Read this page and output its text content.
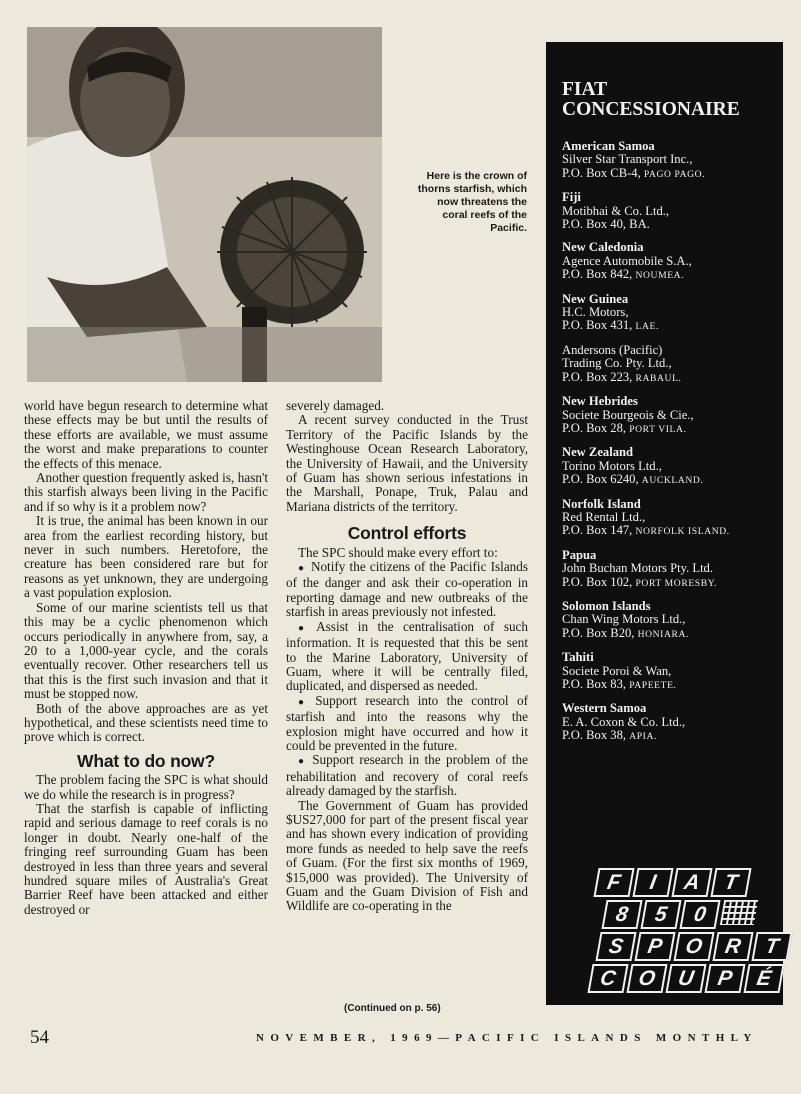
Here is the crown of

thorns starfish, which

now threatens the

coral reefs of the

Pacific.

world have begun research to determine what these effects may be but until the results of these efforts are available, we must assume the worst and make preparations to counter the effects of this menace.

Another question frequently asked is, hasn't this starfish always been living in the Pacific and if so why is it a problem now?

It is true, the animal has been known in our area from the earliest recording history, but never in such numbers. Heretofore, the creature has been considered rare but for reasons as yet unknown, they are undergoing a vast population explosion.

Some of our marine scientists tell us that this may be a cyclic phenomenon which occurs periodically in anywhere from, say, a 20 to a 1,000-year cycle, and the corals eventually recover. Other researchers tell us that this is the first such invasion and that it must be stopped now.

Both of the above approaches are as yet hypothetical, and these scientists need time to prove which is correct.

What to do now?

The problem facing the SPC is what should we do while the research is in progress?

That the starfish is capable of inflicting rapid and serious damage to reef corals is no longer in doubt. Nearly one-half of the fringing reef surrounding Guam has been destroyed in less than three years and several hundred square miles of Australia's Great Barrier Reef have been attacked and either destroyed or

severely damaged.

A recent survey conducted in the Trust Territory of the Pacific Islands by the Westinghouse Ocean Research Laboratory, the University of Hawaii, and the University of Guam has shown serious infestations in the Marshall, Ponape, Truk, Palau and Mariana districts of the territory.

Control efforts

The SPC should make every effort to:

● Notify the citizens of the Pacific Islands of the danger and ask their co-operation in reporting damage and new outbreaks of the starfish in areas previously not infested.

● Assist in the centralisation of such information. It is requested that this be sent to the Marine Laboratory, University of Guam, where it will be centrally filed, duplicated, and dispersed as needed.

● Support research into the control of starfish and into the reasons why the explosion might have occurred and how it could be prevented in the future.

● Support research in the problem of the rehabilitation and recovery of coral reefs already damaged by the starfish.

The Government of Guam has provided $US27,000 for part of the present fiscal year and has shown every indication of providing more funds as needed to help save the reefs of Guam. (For the first six months of 1969, $15,000 was provided). The University of Guam and the Guam Division of Fish and Wildlife are co-operating in the

(Continued on p. 56)
FIAT
CONCESSIONAIRE
American Samoa
Silver Star Transport Inc.,
P.O. Box CB-4, PAGO PAGO.
Fiji
Motibhai & Co. Ltd.,
P.O. Box 40, BA.
New Caledonia
Agence Automobile S.A.,
P.O. Box 842, NOUMEA.
New Guinea
H.C. Motors,
P.O. Box 431, LAE.
Andersons (Pacific)
Trading Co. Pty. Ltd.,
P.O. Box 223, RABAUL.
New Hebrides
Societe Bourgeois & Cie.,
P.O. Box 28, PORT VILA.
New Zealand
Torino Motors Ltd.,
P.O. Box 6240, AUCKLAND.
Norfolk Island
Red Rental Ltd.,
P.O. Box 147, NORFOLK ISLAND.
Papua
John Buchan Motors Pty. Ltd.
P.O. Box 102, PORT MORESBY.
Solomon Islands
Chan Wing Motors Ltd.,
P.O. Box B20, HONIARA.
Tahiti
Societe Poroi & Wan,
P.O. Box 83, PAPEETE.
Western Samoa
E. A. Coxon & Co. Ltd.,
P.O. Box 38, APIA.
F	I	A T
8	5	0
S P O R T
C O U P É
54	NOVEMBER, 1969—PACIFIC ISLANDS MONTHLY
